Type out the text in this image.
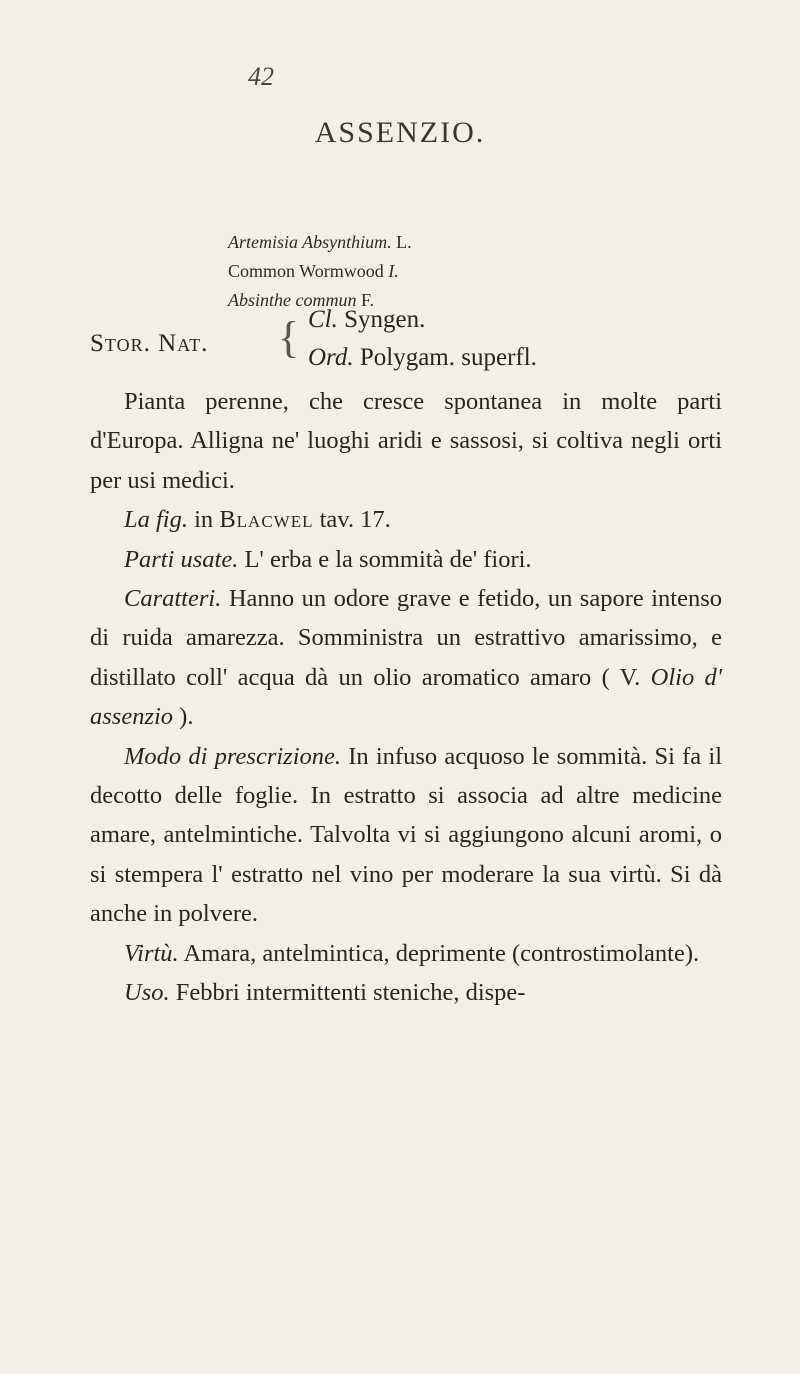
42
ASSENZIO.
Artemisia Absynthium. L.
Common Wormwood I.
Absinthe commun F.
Stor. Nat. { Cl. Syngen.
Ord. Polygam. superfl.

Pianta perenne, che cresce spontanea in molte parti d'Europa. Allignа ne' luoghi aridi e sassosi, si coltiva negli orti per usi medici.

La fig. in Blacwel tav. 17.

Parti usate. L' erba e la sommità de' fiori.

Caratteri. Hanno un odore grave e fetido, un sapore intenso di ruida amarezza. Somministra un estrattivo amarissimo, e distillato coll' acqua dà un olio aromatico amaro ( V. Olio d' assenzio ).

Modo di prescrizione. In infuso acquoso le sommità. Si fa il decotto delle foglie. In estratto si associa ad altre medicine amare, antelmintiche. Talvolta vi si aggiungono alcuni aromi, o si stempera l' estratto nel vino per moderare la sua virtù. Si dà anche in polvere.

Virtù. Amara, antelmintica, deprimente (controstimolante).

Uso. Febbri intermittenti steniche, dispe-
